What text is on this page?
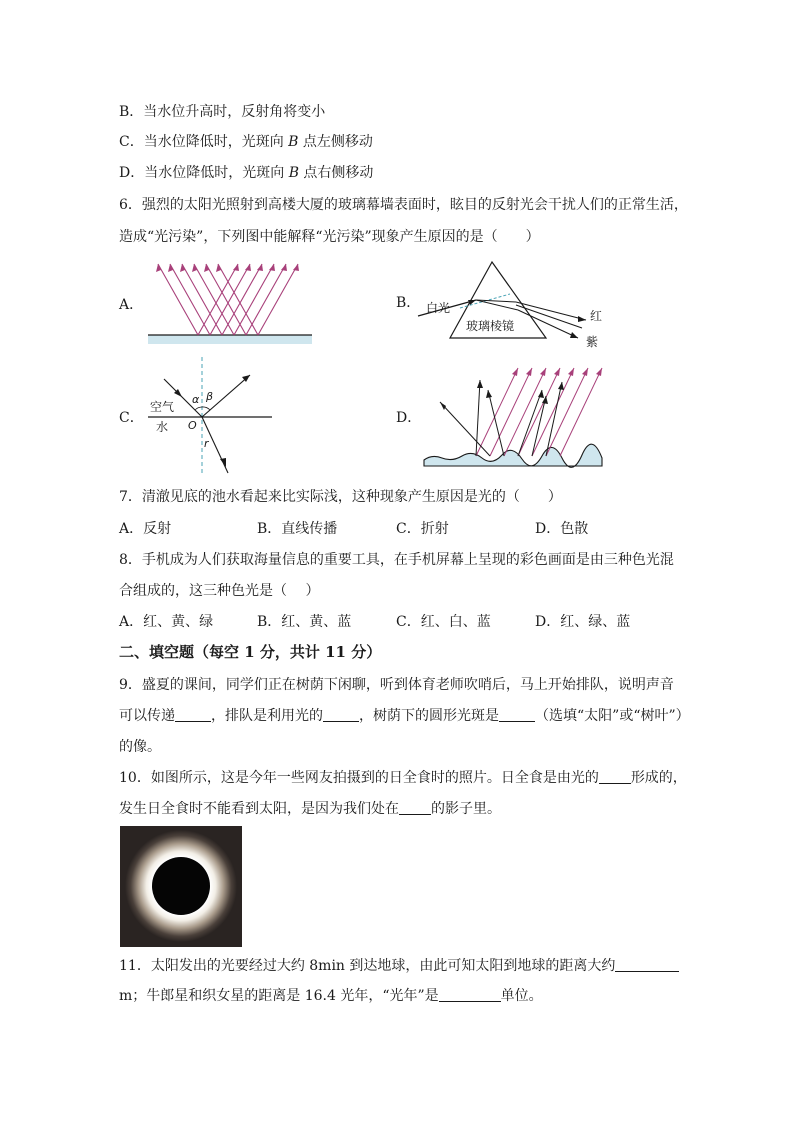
B．当水位升高时，反射角将变小
C．当水位降低时，光斑向 B 点左侧移动
D．当水位降低时，光斑向 B 点右侧移动
6．强烈的太阳光照射到高楼大厦的玻璃幕墙表面时，眩目的反射光会干扰人们的正常生活，
造成“光污染”，下列图中能解释“光污染”现象产生原因的是（　　）
A．	B． 白光
玻璃棱镜
红
紫
C．
空气
水 O
α β
r
D．
7．清澈见底的池水看起来比实际浅，这种现象产生原因是光的（　　）
A．反射	B．直线传播	C．折射	D．色散
8．手机成为人们获取海量信息的重要工具，在手机屏幕上呈现的彩色画面是由三种色光混
合组成的，这三种色光是（　 ）
A．红、黄、绿	B．红、黄、蓝	C．红、白、蓝	D．红、绿、蓝
二、填空题（每空 1 分，共计 11 分）
9．盛夏的课间，同学们正在树荫下闲聊，听到体育老师吹哨后，马上开始排队，说明声音
可以传递	，排队是利用光的	，树荫下的圆形光斑是	（选填“太阳”或“树叶”）
的像。
10．如图所示，这是今年一些网友拍摄到的日全食时的照片。日全食是由光的 形成的，
发生日全食时不能看到太阳，是因为我们处在 的影子里。
11．太阳发出的光要经过大约 8min 到达地球，由此可知太阳到地球的距离大约
m；牛郎星和织女星的距离是 16.4 光年，“光年”是	单位。
